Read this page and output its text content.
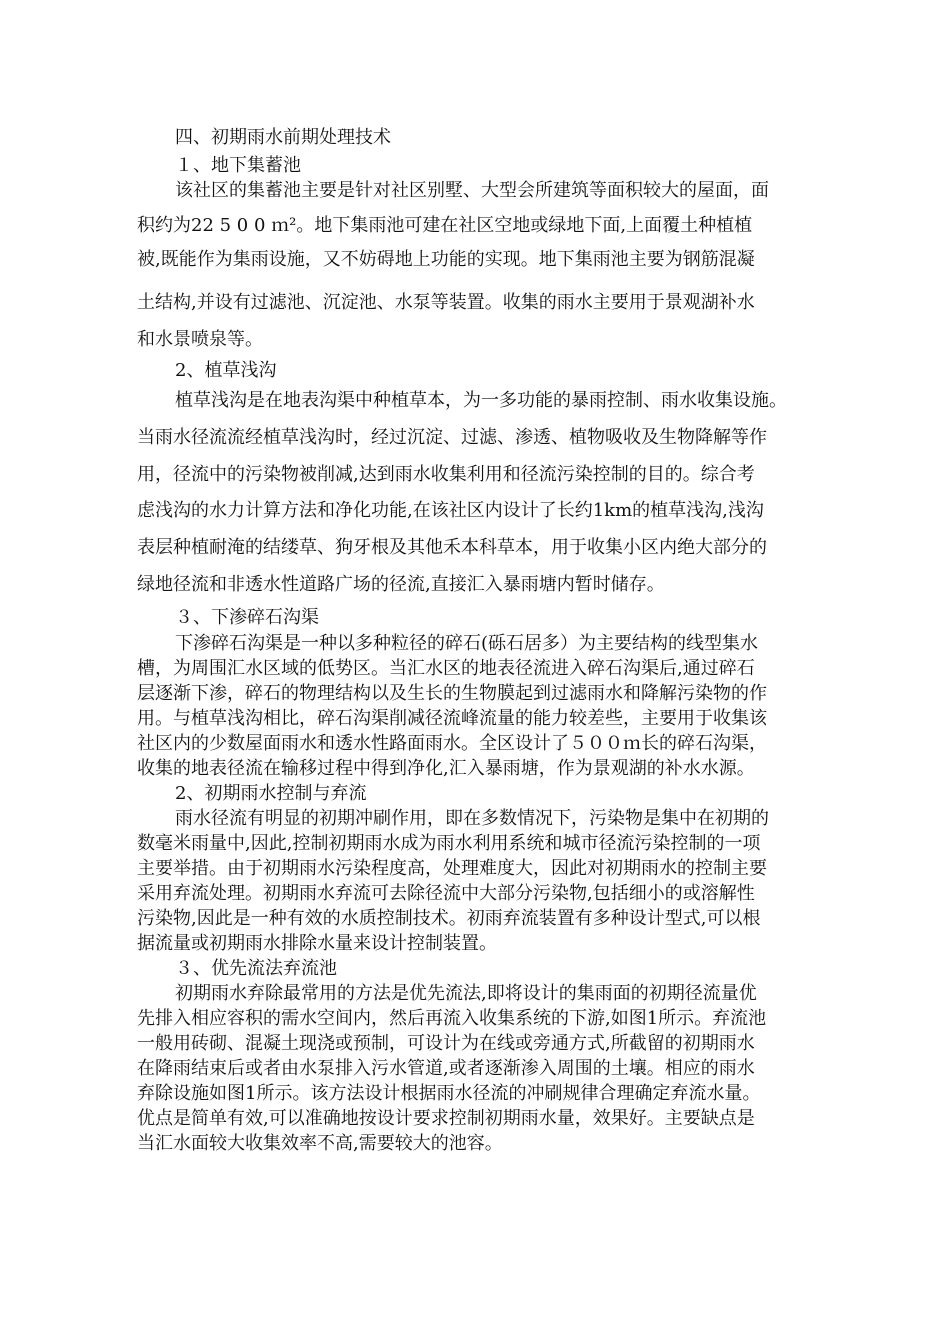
四、初期雨水前期处理技术
１、地下集蓄池
该社区的集蓄池主要是针对社区别墅、大型会所建筑等面积较大的屋面，面
积约为22 5 0 0 ｍ²。地下集雨池可建在社区空地或绿地下面,上面覆土种植植
被,既能作为集雨设施，又不妨碍地上功能的实现。地下集雨池主要为钢筋混凝
土结构,并设有过滤池、沉淀池、水泵等装置。收集的雨水主要用于景观湖补水
和水景喷泉等。
2、植草浅沟
植草浅沟是在地表沟渠中种植草本，为一多功能的暴雨控制、雨水收集设施。
当雨水径流流经植草浅沟时，经过沉淀、过滤、渗透、植物吸收及生物降解等作
用，径流中的污染物被削减,达到雨水收集利用和径流污染控制的目的。综合考
虑浅沟的水力计算方法和净化功能,在该社区内设计了长约1km的植草浅沟,浅沟
表层种植耐淹的结缕草、狗牙根及其他禾本科草本，用于收集小区内绝大部分的
绿地径流和非透水性道路广场的径流,直接汇入暴雨塘内暂时储存。
３、下渗碎石沟渠
下渗碎石沟渠是一种以多种粒径的碎石(砾石居多）为主要结构的线型集水
槽，为周围汇水区域的低势区。当汇水区的地表径流进入碎石沟渠后,通过碎石
层逐渐下渗，碎石的物理结构以及生长的生物膜起到过滤雨水和降解污染物的作
用。与植草浅沟相比，碎石沟渠削减径流峰流量的能力较差些，主要用于收集该
社区内的少数屋面雨水和透水性路面雨水。全区设计了５００ｍ长的碎石沟渠，
收集的地表径流在输移过程中得到净化,汇入暴雨塘，作为景观湖的补水水源。
2、初期雨水控制与弃流
雨水径流有明显的初期冲刷作用，即在多数情况下，污染物是集中在初期的
数毫米雨量中,因此,控制初期雨水成为雨水利用系统和城市径流污染控制的一项
主要举措。由于初期雨水污染程度高，处理难度大，因此对初期雨水的控制主要
采用弃流处理。初期雨水弃流可去除径流中大部分污染物,包括细小的或溶解性
污染物,因此是一种有效的水质控制技术。初雨弃流装置有多种设计型式,可以根
据流量或初期雨水排除水量来设计控制装置。
３、优先流法弃流池
初期雨水弃除最常用的方法是优先流法,即将设计的集雨面的初期径流量优
先排入相应容积的需水空间内，然后再流入收集系统的下游,如图1所示。弃流池
一般用砖砌、混凝土现浇或预制，可设计为在线或旁通方式,所截留的初期雨水
在降雨结束后或者由水泵排入污水管道,或者逐渐渗入周围的土壤。相应的雨水
弃除设施如图1所示。该方法设计根据雨水径流的冲刷规律合理确定弃流水量。
优点是简单有效,可以准确地按设计要求控制初期雨水量，效果好。主要缺点是
当汇水面较大收集效率不高,需要较大的池容。
